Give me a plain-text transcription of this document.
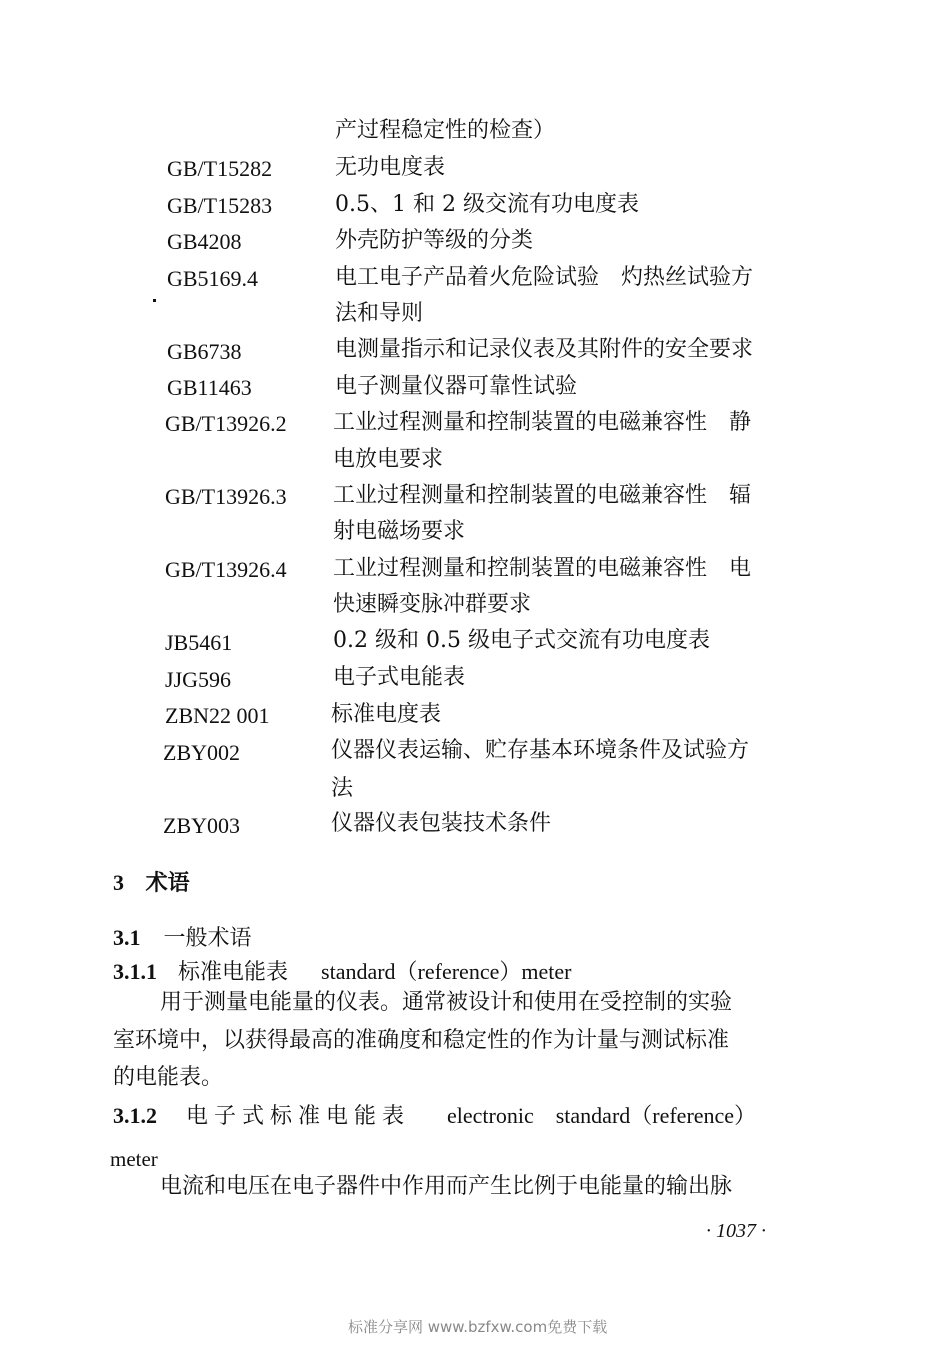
产过程稳定性的检查）
GB/T15282	无功电度表
GB/T15283	0.5、1 和 2 级交流有功电度表
GB4208	外壳防护等级的分类
GB5169.4	电工电子产品着火危险试验　灼热丝试验方
法和导则
GB6738	电测量指示和记录仪表及其附件的安全要求
GB11463	电子测量仪器可靠性试验
GB/T13926.2 工业过程测量和控制装置的电磁兼容性　静
电放电要求
GB/T13926.3 工业过程测量和控制装置的电磁兼容性　辐
射电磁场要求
GB/T13926.4 工业过程测量和控制装置的电磁兼容性　电
快速瞬变脉冲群要求
JB5461	0.2 级和 0.5 级电子式交流有功电度表
JJG596	电子式电能表
ZBN22 001	标准电度表
ZBY002	仪器仪表运输、贮存基本环境条件及试验方
法
ZBY003	仪器仪表包装技术条件
3 术语
3.1 一般术语
3.1.1 标准电能表 standard（reference）meter
用于测量电能量的仪表。通常被设计和使用在受控制的实验
室环境中，以获得最高的准确度和稳定性的作为计量与测试标准
的电能表。
3.1.2 电子式标准电能表 electronic　standard（reference）
meter
电流和电压在电子器件中作用而产生比例于电能量的输出脉
· 1037 ·
标准分享网 www.bzfxw.com免费下载
